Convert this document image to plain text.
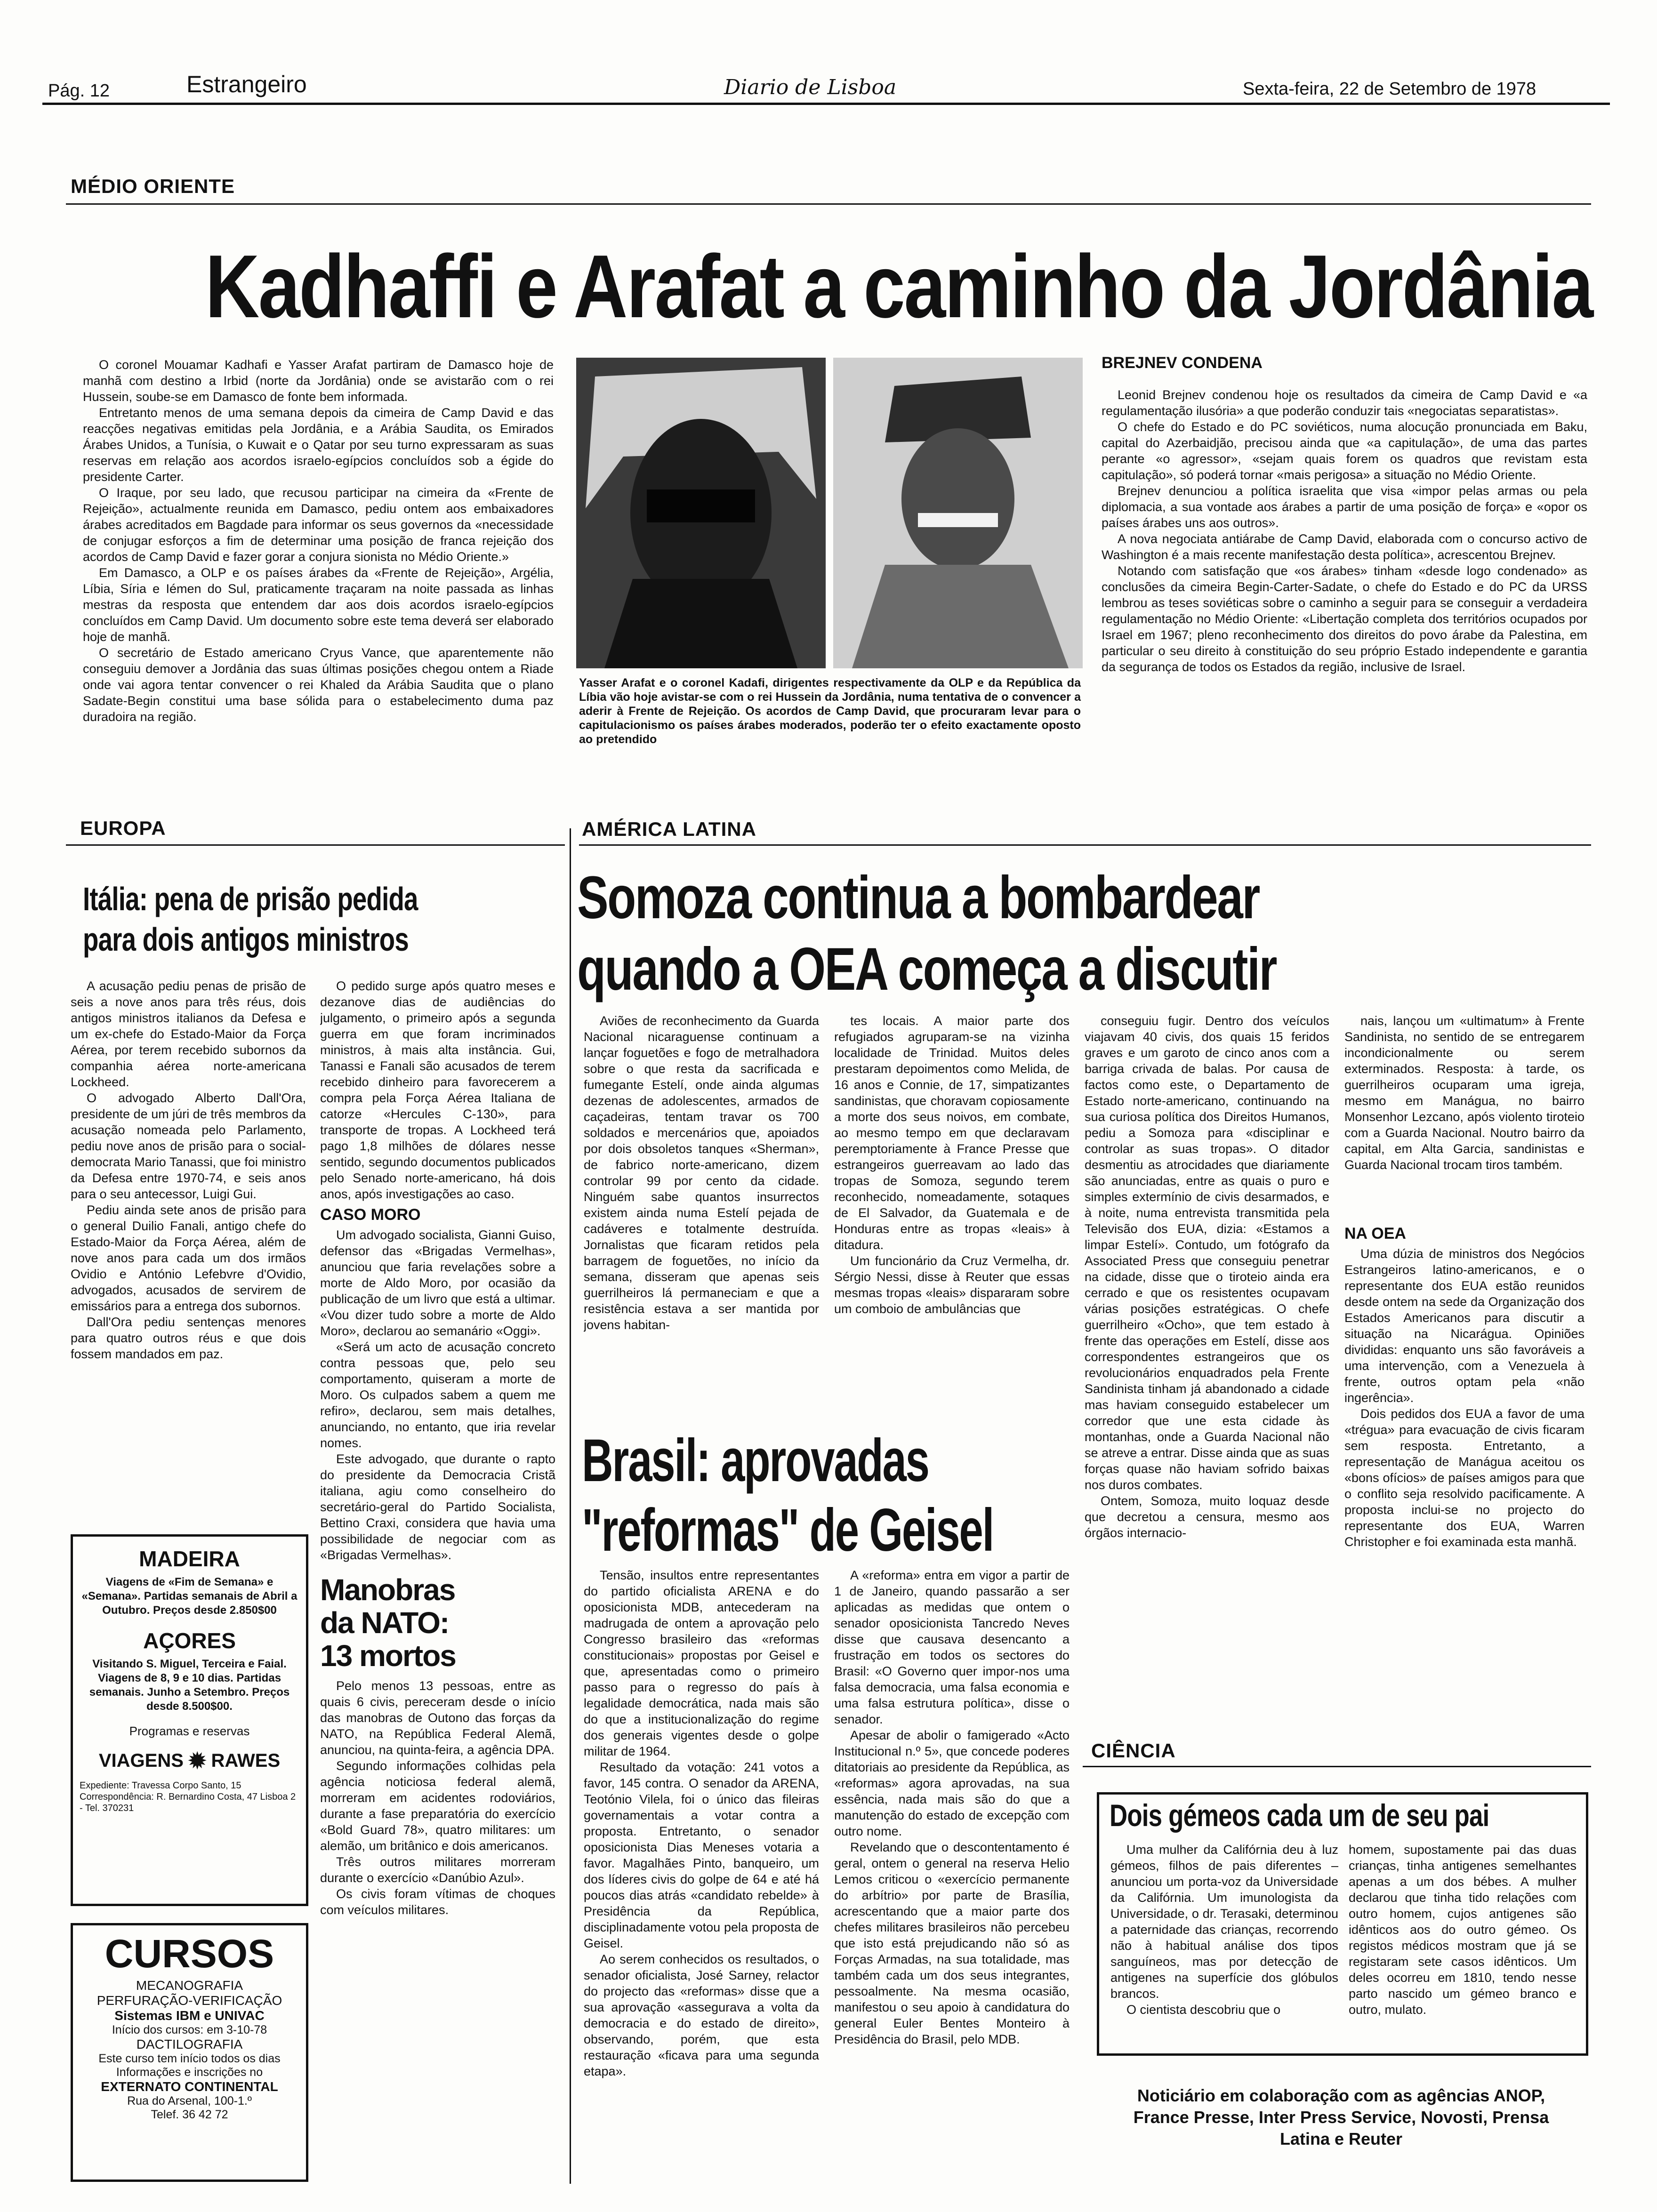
Pág. 12	Estrangeiro	Diario de Lisboa	Sexta-feira, 22 de Setembro de 1978
MÉDIO ORIENTE
Kadhaffi e Arafat a caminho da Jordânia

O coronel Mouamar Kadhafi e Yasser Arafat partiram de Damasco hoje de manhã com destino a Irbid (norte da Jordânia) onde se avistarão com o rei Hussein, soube-se em Damasco de fonte bem informada.

Entretanto menos de uma semana depois da cimeira de Camp David e das reacções negativas emitidas pela Jordânia, e a Arábia Saudita, os Emirados Árabes Unidos, a Tunísia, o Kuwait e o Qatar por seu turno expressaram as suas reservas em relação aos acordos israelo-egípcios concluídos sob a égide do presidente Carter.

O Iraque, por seu lado, que recusou participar na cimeira da «Frente de Rejeição», actualmente reunida em Damasco, pediu ontem aos embaixadores árabes acreditados em Bagdade para informar os seus governos da «necessidade de conjugar esforços a fim de determinar uma posição de franca rejeição dos acordos de Camp David e fazer gorar a conjura sionista no Médio Oriente.»

Em Damasco, a OLP e os países árabes da «Frente de Rejeição», Argélia, Líbia, Síria e Iémen do Sul, praticamente traçaram na noite passada as linhas mestras da resposta que entendem dar aos dois acordos israelo-egípcios concluídos em Camp David. Um documento sobre este tema deverá ser elaborado hoje de manhã.

O secretário de Estado americano Cryus Vance, que aparentemente não conseguiu demover a Jordânia das suas últimas posições chegou ontem a Riade onde vai agora tentar convencer o rei Khaled da Arábia Saudita que o plano Sadate-Begin constitui uma base sólida para o estabelecimento duma paz duradoira na região.

Yasser Arafat e o coronel Kadafi, dirigentes respectivamente da OLP e da República da Líbia vão hoje avistar-se com o rei Hussein da Jordânia, numa tentativa de o convencer a aderir à Frente de Rejeição. Os acordos de Camp David, que procuraram levar para o capitulacionismo os países árabes moderados, poderão ter o efeito exactamente oposto ao pretendido
BREJNEV CONDENA

Leonid Brejnev condenou hoje os resultados da cimeira de Camp David e «a regulamentação ilusória» a que poderão conduzir tais «negociatas separatistas».

O chefe do Estado e do PC soviéticos, numa alocução pronunciada em Baku, capital do Azerbaidjão, precisou ainda que «a capitulação», de uma das partes perante «o agressor», «sejam quais forem os quadros que revistam esta capitulação», só poderá tornar «mais perigosa» a situação no Médio Oriente.

Brejnev denunciou a política israelita que visa «impor pelas armas ou pela diplomacia, a sua vontade aos árabes a partir de uma posição de força» e «opor os países árabes uns aos outros».

A nova negociata antiárabe de Camp David, elaborada com o concurso activo de Washington é a mais recente manifestação desta política», acrescentou Brejnev.

Notando com satisfação que «os árabes» tinham «desde logo condenado» as conclusões da cimeira Begin-Carter-Sadate, o chefe do Estado e do PC da URSS lembrou as teses soviéticas sobre o caminho a seguir para se conseguir a verdadeira regulamentação no Médio Oriente: «Libertação completa dos territórios ocupados por Israel em 1967; pleno reconhecimento dos direitos do povo árabe da Palestina, em particular o seu direito à constituição do seu próprio Estado independente e garantia da segurança de todos os Estados da região, inclusive de Israel.

EUROPA
Itália: pena de prisão pedida
para dois antigos ministros

A acusação pediu penas de prisão de seis a nove anos para três réus, dois antigos ministros italianos da Defesa e um ex-chefe do Estado-Maior da Força Aérea, por terem recebido subornos da companhia aérea norte-americana Lockheed.

O advogado Alberto Dall'Ora, presidente de um júri de três membros da acusação nomeada pelo Parlamento, pediu nove anos de prisão para o social-democrata Mario Tanassi, que foi ministro da Defesa entre 1970-74, e seis anos para o seu antecessor, Luigi Gui.

Pediu ainda sete anos de prisão para o general Duilio Fanali, antigo chefe do Estado-Maior da Força Aérea, além de nove anos para cada um dos irmãos Ovidio e António Lefebvre d'Ovidio, advogados, acusados de servirem de emissários para a entrega dos subornos.

Dall'Ora pediu sentenças menores para quatro outros réus e que dois fossem mandados em paz.

O pedido surge após quatro meses e dezanove dias de audiências do julgamento, o primeiro após a segunda guerra em que foram incriminados ministros, à mais alta instância. Gui, Tanassi e Fanali são acusados de terem recebido dinheiro para favorecerem a compra pela Força Aérea Italiana de catorze «Hercules C-130», para transporte de tropas. A Lockheed terá pago 1,8 milhões de dólares nesse sentido, segundo documentos publicados pelo Senado norte-americano, há dois anos, após investigações ao caso.

CASO MORO

Um advogado socialista, Gianni Guiso, defensor das «Brigadas Vermelhas», anunciou que faria revelações sobre a morte de Aldo Moro, por ocasião da publicação de um livro que está a ultimar. «Vou dizer tudo sobre a morte de Aldo Moro», declarou ao semanário «Oggi».

«Será um acto de acusação concreto contra pessoas que, pelo seu comportamento, quiseram a morte de Moro. Os culpados sabem a quem me refiro», declarou, sem mais detalhes, anunciando, no entanto, que iria revelar nomes.

Este advogado, que durante o rapto do presidente da Democracia Cristã italiana, agiu como conselheiro do secretário-geral do Partido Socialista, Bettino Craxi, considera que havia uma possibilidade de negociar com as «Brigadas Vermelhas».

Manobras
da NATO:
13 mortos

Pelo menos 13 pessoas, entre as quais 6 civis, pereceram desde o início das manobras de Outono das forças da NATO, na República Federal Alemã, anunciou, na quinta-feira, a agência DPA.

Segundo informações colhidas pela agência noticiosa federal alemã, morreram em acidentes rodoviários, durante a fase preparatória do exercício «Bold Guard 78», quatro militares: um alemão, um britânico e dois americanos.

Três outros militares morreram durante o exercício «Danúbio Azul».

Os civis foram vítimas de choques com veículos militares.

MADEIRA
Viagens de «Fim de Semana» e «Semana». Partidas semanais de Abril a Outubro. Preços desde 2.850$00
AÇORES
Visitando S. Miguel, Terceira e Faial. Viagens de 8, 9 e 10 dias. Partidas semanais. Junho a Setembro. Preços desde 8.500$00.
Programas e reservas
VIAGENS ✹ RAWES
Expediente: Travessa Corpo Santo, 15 Correspondência: R. Bernardino Costa, 47 Lisboa 2 - Tel. 370231
CURSOS
MECANOGRAFIA
PERFURAÇÃO-VERIFICAÇÃO
Sistemas IBM e UNIVAC
Início dos cursos: em 3-10-78
DACTILOGRAFIA
Este curso tem início todos os dias
Informações e inscrições no
EXTERNATO CONTINENTAL
Rua do Arsenal, 100-1.º
Telef. 36 42 72
AMÉRICA LATINA
Somoza continua a bombardear
quando a OEA começa a discutir

Aviões de reconhecimento da Guarda Nacional nicaraguense continuam a lançar foguetões e fogo de metralhadora sobre o que resta da sacrificada e fumegante Estelí, onde ainda algumas dezenas de adolescentes, armados de caçadeiras, tentam travar os 700 soldados e mercenários que, apoiados por dois obsoletos tanques «Sherman», de fabrico norte-americano, dizem controlar 99 por cento da cidade. Ninguém sabe quantos insurrectos existem ainda numa Estelí pejada de cadáveres e totalmente destruída. Jornalistas que ficaram retidos pela barragem de foguetões, no início da semana, disseram que apenas seis guerrilheiros lá permaneciam e que a resistência estava a ser mantida por jovens habitan-

tes locais. A maior parte dos refugiados agruparam-se na vizinha localidade de Trinidad. Muitos deles prestaram depoimentos como Melida, de 16 anos e Connie, de 17, simpatizantes sandinistas, que choravam copiosamente a morte dos seus noivos, em combate, ao mesmo tempo em que declaravam peremptoriamente à France Presse que estrangeiros guerreavam ao lado das tropas de Somoza, segundo terem reconhecido, nomeadamente, sotaques de El Salvador, da Guatemala e de Honduras entre as tropas «leais» à ditadura.

Um funcionário da Cruz Vermelha, dr. Sérgio Nessi, disse à Reuter que essas mesmas tropas «leais» dispararam sobre um comboio de ambulâncias que

conseguiu fugir. Dentro dos veículos viajavam 40 civis, dos quais 15 feridos graves e um garoto de cinco anos com a barriga crivada de balas. Por causa de factos como este, o Departamento de Estado norte-americano, continuando na sua curiosa política dos Direitos Humanos, pediu a Somoza para «disciplinar e controlar as suas tropas». O ditador desmentiu as atrocidades que diariamente são anunciadas, entre as quais o puro e simples extermínio de civis desarmados, e à noite, numa entrevista transmitida pela Televisão dos EUA, dizia: «Estamos a limpar Estelí». Contudo, um fotógrafo da Associated Press que conseguiu penetrar na cidade, disse que o tiroteio ainda era cerrado e que os resistentes ocupavam várias posições estratégicas. O chefe guerrilheiro «Ocho», que tem estado à frente das operações em Estelí, disse aos correspondentes estrangeiros que os revolucionários enquadrados pela Frente Sandinista tinham já abandonado a cidade mas haviam conseguido estabelecer um corredor que une esta cidade às montanhas, onde a Guarda Nacional não se atreve a entrar. Disse ainda que as suas forças quase não haviam sofrido baixas nos duros combates.

Ontem, Somoza, muito loquaz desde que decretou a censura, mesmo aos órgãos internacio-

nais, lançou um «ultimatum» à Frente Sandinista, no sentido de se entregarem incondicionalmente ou serem exterminados. Resposta: à tarde, os guerrilheiros ocuparam uma igreja, mesmo em Manágua, no bairro Monsenhor Lezcano, após violento tiroteio com a Guarda Nacional. Noutro bairro da capital, em Alta Garcia, sandinistas e Guarda Nacional trocam tiros também.

NA OEA

Uma dúzia de ministros dos Negócios Estrangeiros latino-americanos, e o representante dos EUA estão reunidos desde ontem na sede da Organização dos Estados Americanos para discutir a situação na Nicarágua. Opiniões divididas: enquanto uns são favoráveis a uma intervenção, com a Venezuela à frente, outros optam pela «não ingerência».

Dois pedidos dos EUA a favor de uma «trégua» para evacuação de civis ficaram sem resposta. Entretanto, a representação de Manágua aceitou os «bons ofícios» de países amigos para que o conflito seja resolvido pacificamente. A proposta inclui-se no projecto do representante dos EUA, Warren Christopher e foi examinada esta manhã.

Brasil: aprovadas
"reformas" de Geisel

Tensão, insultos entre representantes do partido oficialista ARENA e do oposicionista MDB, antecederam na madrugada de ontem a aprovação pelo Congresso brasileiro das «reformas constitucionais» propostas por Geisel e que, apresentadas como o primeiro passo para o regresso do país à legalidade democrática, nada mais são do que a institucionalização do regime dos generais vigentes desde o golpe militar de 1964.

Resultado da votação: 241 votos a favor, 145 contra. O senador da ARENA, Teotónio Vilela, foi o único das fileiras governamentais a votar contra a proposta. Entretanto, o senador oposicionista Dias Meneses votaria a favor. Magalhães Pinto, banqueiro, um dos líderes civis do golpe de 64 e até há poucos dias atrás «candidato rebelde» à Presidência da República, disciplinadamente votou pela proposta de Geisel.

Ao serem conhecidos os resultados, o senador oficialista, José Sarney, relactor do projecto das «reformas» disse que a sua aprovação «assegurava a volta da democracia e do estado de direito», observando, porém, que esta restauração «ficava para uma segunda etapa».

A «reforma» entra em vigor a partir de 1 de Janeiro, quando passarão a ser aplicadas as medidas que ontem o senador oposicionista Tancredo Neves disse que causava desencanto a frustração em todos os sectores do Brasil: «O Governo quer impor-nos uma falsa democracia, uma falsa economia e uma falsa estrutura política», disse o senador.

Apesar de abolir o famigerado «Acto Institucional n.º 5», que concede poderes ditatoriais ao presidente da República, as «reformas» agora aprovadas, na sua essência, nada mais são do que a manutenção do estado de excepção com outro nome.

Revelando que o descontentamento é geral, ontem o general na reserva Helio Lemos criticou o «exercício permanente do arbítrio» por parte de Brasília, acrescentando que a maior parte dos chefes militares brasileiros não percebeu que isto está prejudicando não só as Forças Armadas, na sua totalidade, mas também cada um dos seus integrantes, pessoalmente. Na mesma ocasião, manifestou o seu apoio à candidatura do general Euler Bentes Monteiro à Presidência do Brasil, pelo MDB.

CIÊNCIA
Dois gémeos cada um de seu pai

Uma mulher da Califórnia deu à luz gémeos, filhos de pais diferentes – anunciou um porta-voz da Universidade da Califórnia. Um imunologista da Universidade, o dr. Terasaki, determinou a paternidade das crianças, recorrendo não à habitual análise dos tipos sanguíneos, mas por detecção de antigenes na superfície dos glóbulos brancos.

O cientista descobriu que o

homem, supostamente pai das duas crianças, tinha antigenes semelhantes apenas a um dos bébes. A mulher declarou que tinha tido relações com outro homem, cujos antigenes são idênticos aos do outro gémeo. Os registos médicos mostram que já se registaram sete casos idênticos. Um deles ocorreu em 1810, tendo nesse parto nascido um gémeo branco e outro, mulato.

Noticiário em colaboração com as agências ANOP,
France Presse, Inter Press Service, Novosti, Prensa
Latina e Reuter
